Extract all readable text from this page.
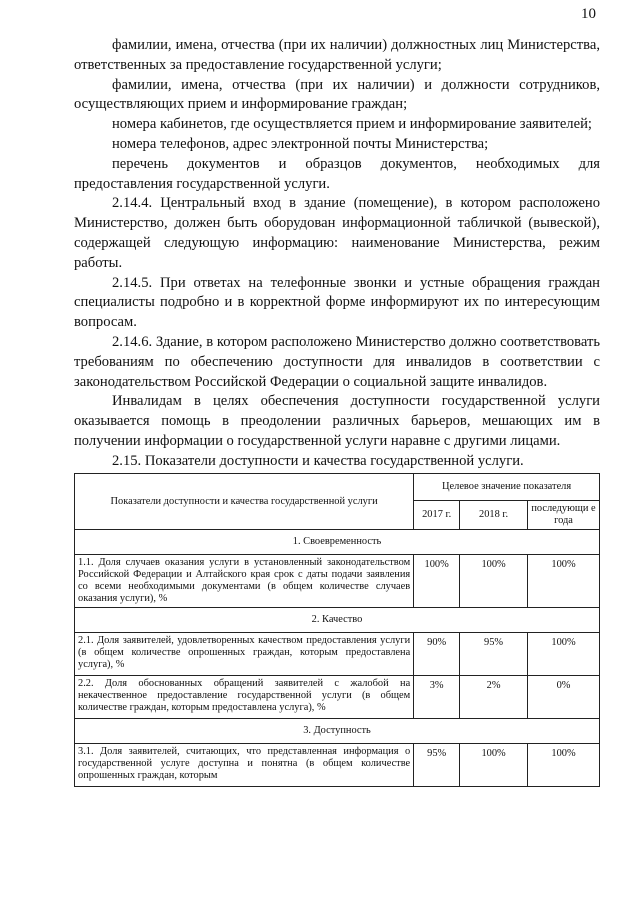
10

фамилии, имена, отчества (при их наличии) должностных лиц Министерства, ответственных за предоставление государственной услуги;

фамилии, имена, отчества (при их наличии) и должности сотрудников, осуществляющих прием и информирование граждан;

номера кабинетов, где осуществляется прием и информирование заявителей;

номера телефонов, адрес электронной почты Министерства;

перечень документов и образцов документов, необходимых для предоставления государственной услуги.

2.14.4. Центральный вход в здание (помещение), в котором расположено Министерство, должен быть оборудован информационной табличкой (вывеской), содержащей следующую информацию: наименование Министерства, режим работы.

2.14.5. При ответах на телефонные звонки и устные обращения граждан специалисты подробно и в корректной форме информируют их по интересующим вопросам.

2.14.6. Здание, в котором расположено Министерство должно соответствовать требованиям по обеспечению доступности для инвалидов в соответствии с законодательством Российской Федерации о социальной защите инвалидов.

Инвалидам в целях обеспечения доступности государственной услуги оказывается помощь в преодолении различных барьеров, мешающих им в получении информации о государственной услуги наравне с другими лицами.

2.15. Показатели доступности и качества государственной услуги.

Показатели доступности и качества государственной услуги	Целевое значение показателя		
	2017 г.	2018 г.	последующи е года
1. Своевременность			
1.1. Доля случаев оказания услуги в установленный законодательством Российской Федерации и Алтайского края срок с даты подачи заявления со всеми необходимыми документами (в общем количестве случаев оказания услуги), %	100%	100%	100%
2. Качество			
2.1. Доля заявителей, удовлетворенных качеством предоставления услуги (в общем количестве опрошенных граждан, которым предоставлена услуга), %	90%	95%	100%
2.2. Доля обоснованных обращений заявителей с жалобой на некачественное предоставление государственной услуги (в общем количестве граждан, которым предоставлена услуга), %	3%	2%	0%
3. Доступность			
3.1. Доля заявителей, считающих, что представленная информация о государственной услуге доступна и понятна (в общем количестве опрошенных граждан, которым	95%	100%	100%
